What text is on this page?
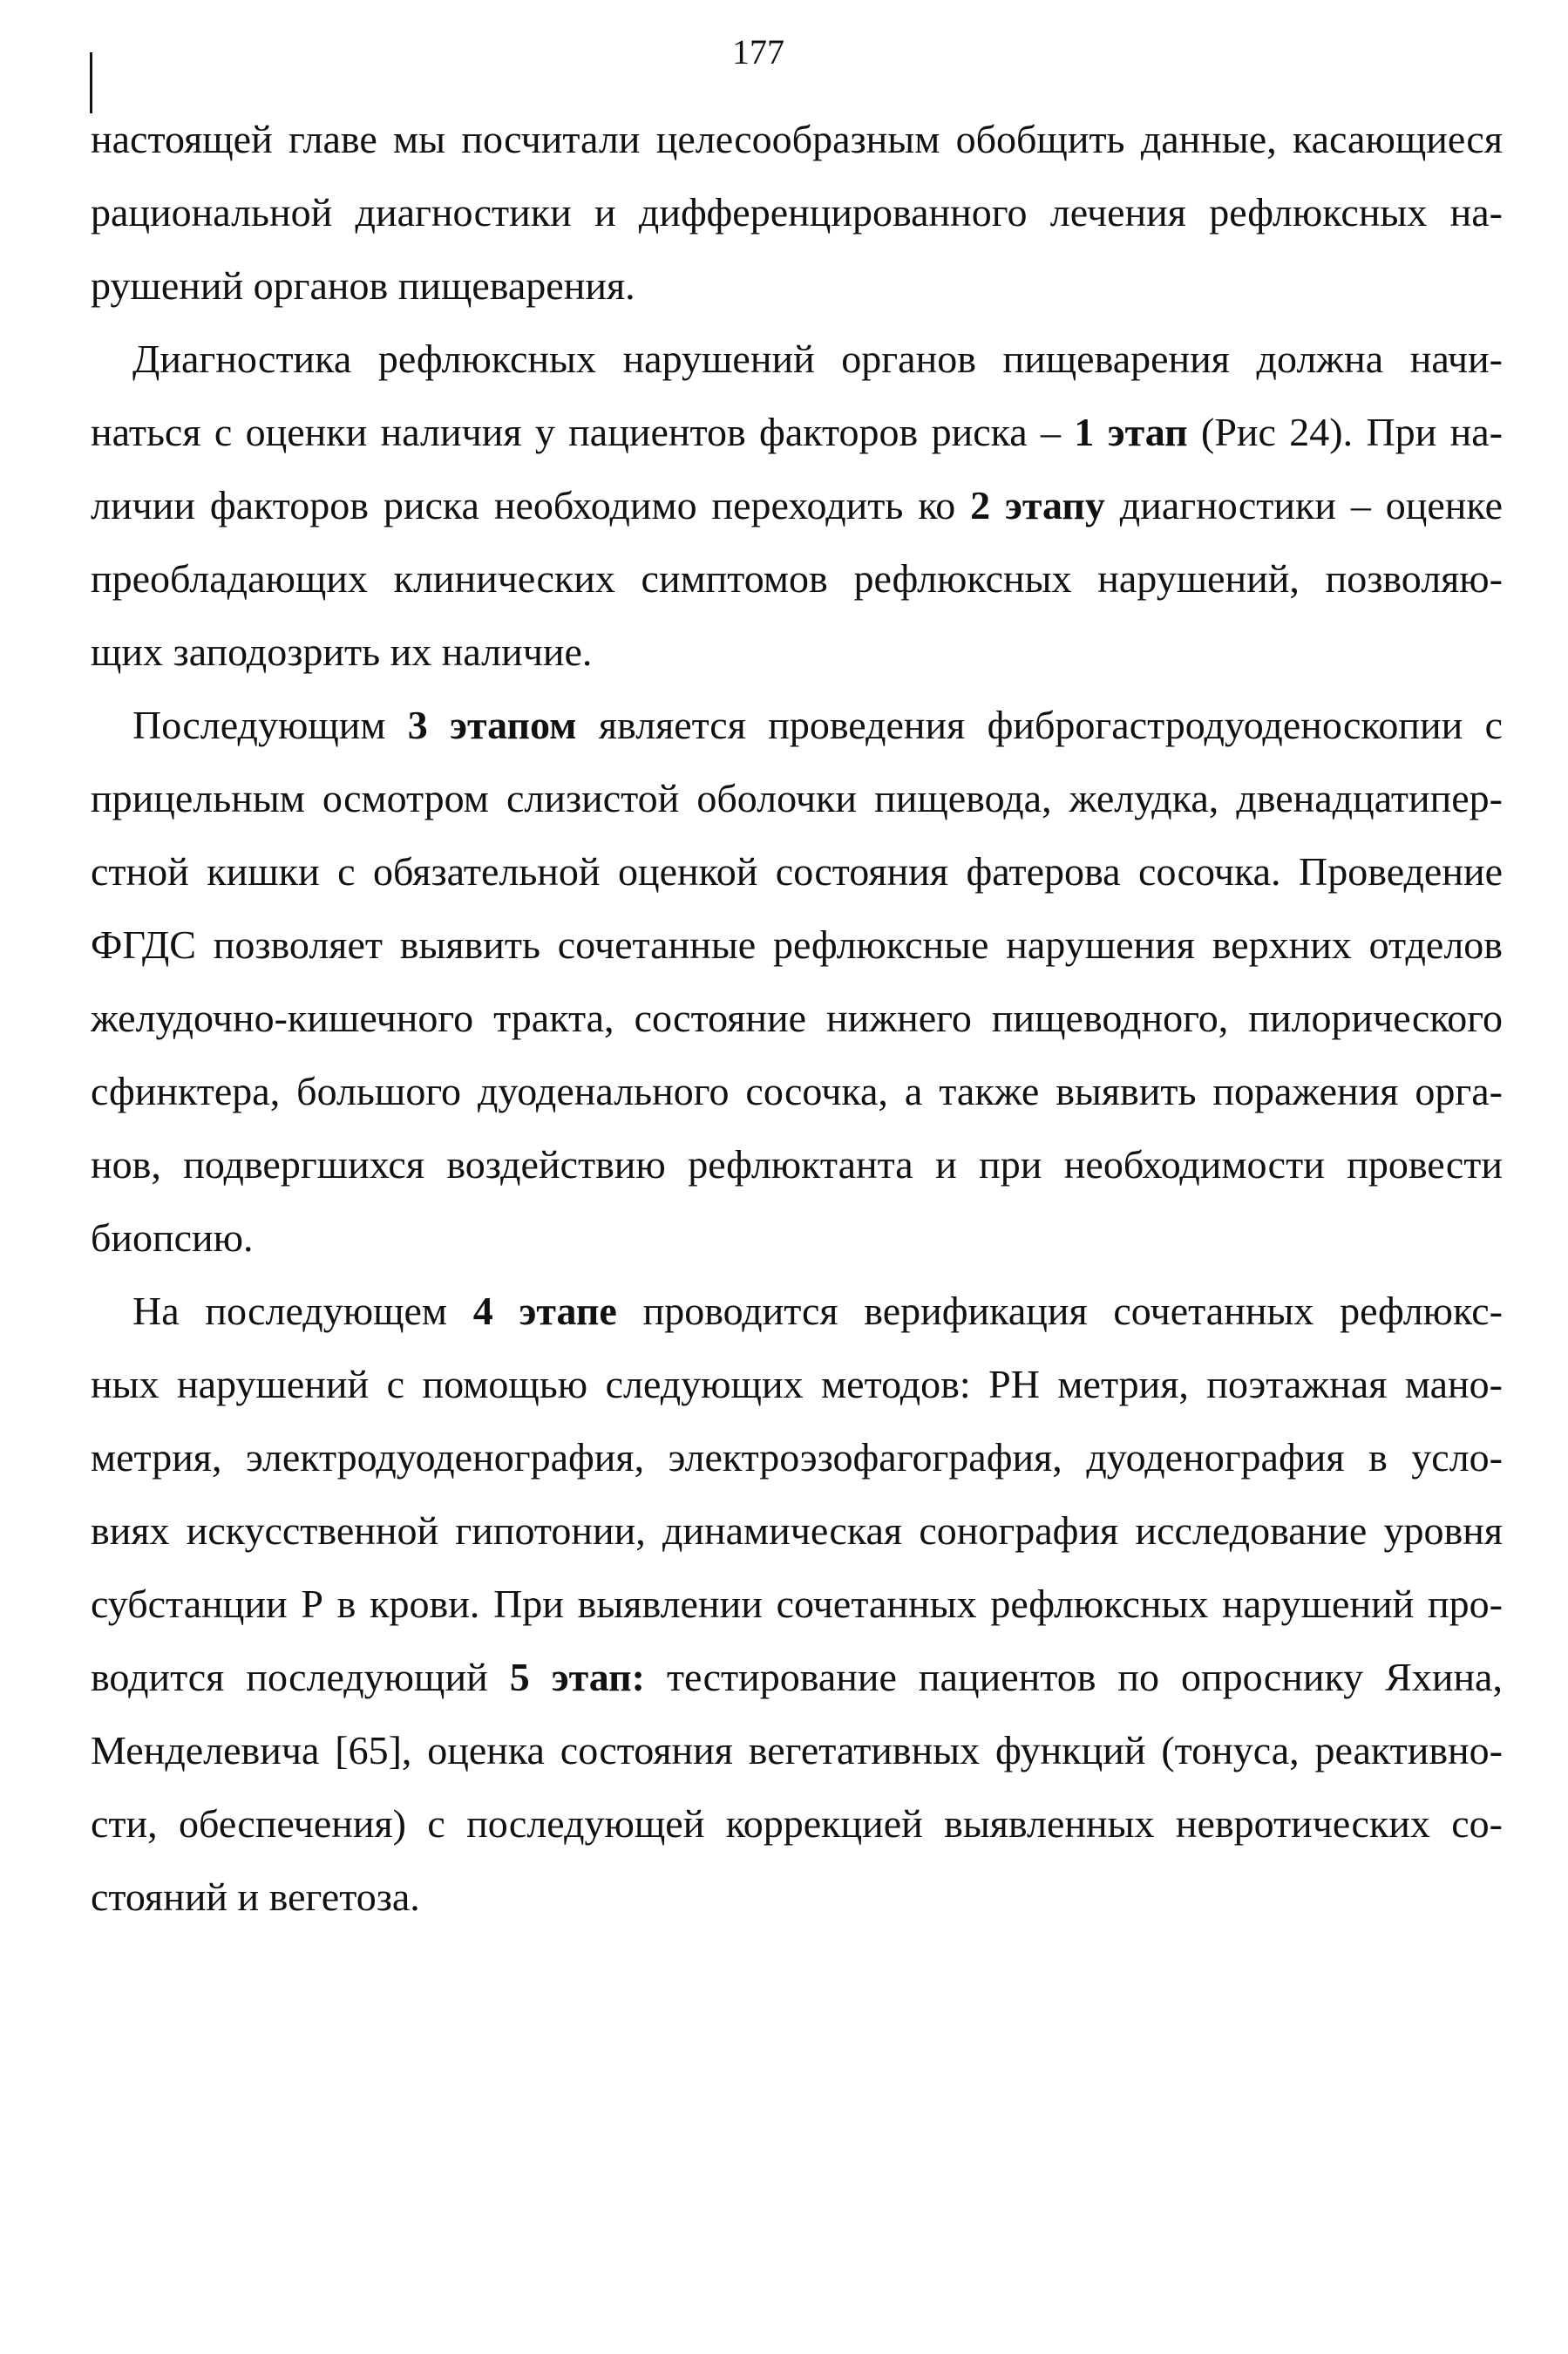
177
настоящей главе мы посчитали целесообразным обобщить данные, касающиеся
рациональной диагностики и дифференцированного лечения рефлюксных на-
рушений органов пищеварения.
Диагностика рефлюксных нарушений органов пищеварения должна начи-
наться с оценки наличия у пациентов факторов риска – 1 этап (Рис 24). При на-
личии факторов риска необходимо переходить ко 2 этапу диагностики – оценке
преобладающих клинических симптомов рефлюксных нарушений, позволяю-
щих заподозрить их наличие.
Последующим 3 этапом является проведения фиброгастродуоденоскопии с
прицельным осмотром слизистой оболочки пищевода, желудка, двенадцатипер-
стной кишки с обязательной оценкой состояния фатерова сосочка. Проведение
ФГДС позволяет выявить сочетанные рефлюксные нарушения верхних отделов
желудочно-кишечного тракта, состояние нижнего пищеводного, пилорического
сфинктера, большого дуоденального сосочка, а также выявить поражения орга-
нов, подвергшихся воздействию рефлюктанта и при необходимости провести
биопсию.
На последующем 4 этапе проводится верификация сочетанных рефлюкс-
ных нарушений с помощью следующих методов: PH метрия, поэтажная мано-
метрия, электродуоденография, электроэзофагография, дуоденография в усло-
виях искусственной гипотонии, динамическая сонография исследование уровня
субстанции Р в крови. При выявлении сочетанных рефлюксных нарушений про-
водится последующий 5 этап: тестирование пациентов по опроснику Яхина,
Менделевича [65], оценка состояния вегетативных функций (тонуса, реактивно-
сти, обеспечения) с последующей коррекцией выявленных невротических со-
стояний и вегетоза.
